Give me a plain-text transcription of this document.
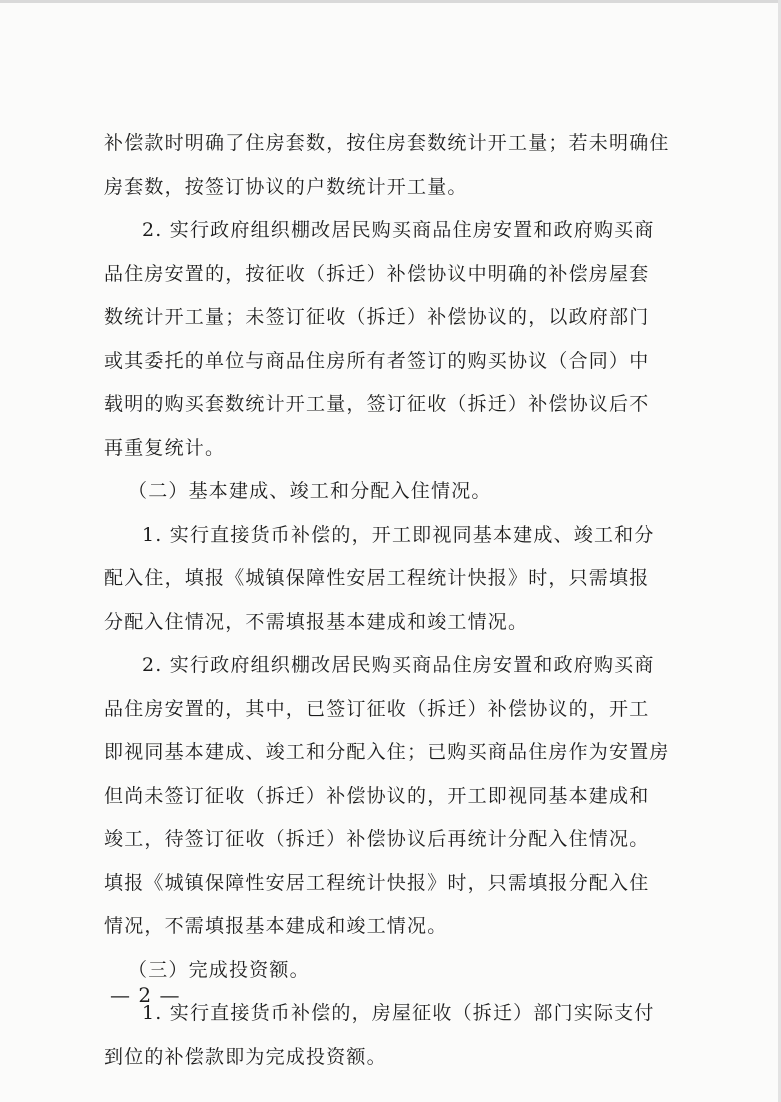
补偿款时明确了住房套数，按住房套数统计开工量；若未明确住
房套数，按签订协议的户数统计开工量。
2. 实行政府组织棚改居民购买商品住房安置和政府购买商
品住房安置的，按征收（拆迁）补偿协议中明确的补偿房屋套
数统计开工量；未签订征收（拆迁）补偿协议的，以政府部门
或其委托的单位与商品住房所有者签订的购买协议（合同）中
载明的购买套数统计开工量，签订征收（拆迁）补偿协议后不
再重复统计。
（二）基本建成、竣工和分配入住情况。
1. 实行直接货币补偿的，开工即视同基本建成、竣工和分
配入住，填报《城镇保障性安居工程统计快报》时，只需填报
分配入住情况，不需填报基本建成和竣工情况。
2. 实行政府组织棚改居民购买商品住房安置和政府购买商
品住房安置的，其中，已签订征收（拆迁）补偿协议的，开工
即视同基本建成、竣工和分配入住；已购买商品住房作为安置房
但尚未签订征收（拆迁）补偿协议的，开工即视同基本建成和
竣工，待签订征收（拆迁）补偿协议后再统计分配入住情况。
填报《城镇保障性安居工程统计快报》时，只需填报分配入住
情况，不需填报基本建成和竣工情况。
（三）完成投资额。
1. 实行直接货币补偿的，房屋征收（拆迁）部门实际支付
到位的补偿款即为完成投资额。
— 2 —
